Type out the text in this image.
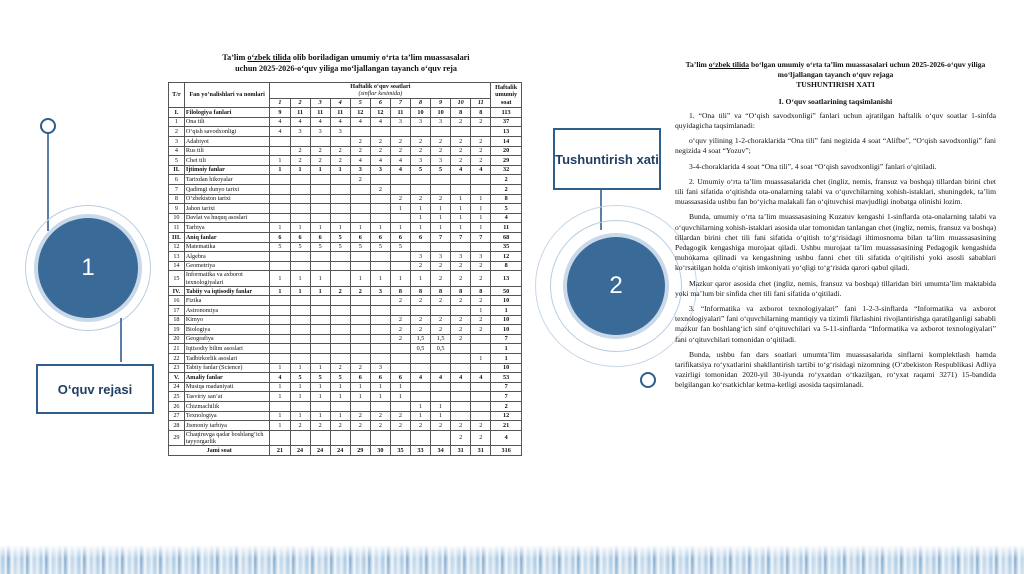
1
O‘quv rejasi
Tushuntirish xati
2
Ta’lim o‘zbek tilida olib boriladigan umumiy o‘rta ta’lim muassasalari
uchun 2025-2026-o‘quv yiliga mo‘ljallangan tayanch o‘quv reja
T/r	Fan yo‘nalishlari va nomlari	Haftalik o‘quv soatlari
(sinflar kesimida)											Haftalik umumiy soat
		1	2	3	4	5	6	7	8	9	10	11	

I.	Filologiya fanlari	9	11	11	11	12	12	11	10	10	8	8	113
1	Ona tili	4	4	4	4	4	4	3	3	3	2	2	37
2	O‘qish savodxonligi	4	3	3	3								13
3	Adabiyot					2	2	2	2	2	2	2	14
4	Rus tili		2	2	2	2	2	2	2	2	2	2	20
5	Chet tili	1	2	2	2	4	4	4	3	3	2	2	29
II.	Ijtimoiy fanlar	1	1	1	1	3	3	4	5	5	4	4	32
6	Tarixdan hikoyalar					2							2
7	Qadimgi dunyo tarixi						2						2
8	O‘zbekiston tarixi							2	2	2	1	1	8
9	Jahon tarixi							1	1	1	1	1	5
10	Davlat va huquq asoslari								1	1	1	1	4
11	Tarbiya	1	1	1	1	1	1	1	1	1	1	1	11
III.	Aniq fanlar	6	6	6	5	6	6	6	6	7	7	7	68
12	Matematika	5	5	5	5	5	5	5					35
13	Algebra								3	3	3	3	12
14	Geometriya								2	2	2	2	8
15	Informatika va axborot texnologiyalari	1	1	1		1	1	1	1	2	2	2	13
IV.	Tabiiy va iqtisodiy fanlar	1	1	1	2	2	3	8	8	8	8	8	50
16	Fizika							2	2	2	2	2	10
17	Astronomiya											1	1
18	Kimyo							2	2	2	2	2	10
19	Biologiya							2	2	2	2	2	10
20	Geografiya							2	1,5	1,5	2		7
21	Iqtisodiy bilim asoslari								0,5	0,5			1
22	Tadbirkorlik asoslari											1	1
23	Tabiiy fanlar (Science)	1	1	1	2	2	3						10
V.	Amaliy fanlar	4	5	5	5	6	6	6	4	4	4	4	53
24	Musiqa madaniyati	1	1	1	1	1	1	1					7
25	Tasviriy san’at	1	1	1	1	1	1	1					7
26	Chizmachilik								1	1			2
27	Texnologiya	1	1	1	1	2	2	2	1	1			12
28	Jismoniy tarbiya	1	2	2	2	2	2	2	2	2	2	2	21
29	Chaqiruvga qadar boshlang‘ich tayyorgarlik										2	2	4
Jami soat		21	24	24	24	29	30	35	33	34	31	31	316
Ta’lim o‘zbek tilida bo‘lgan umumiy o‘rta ta’lim muassasalari uchun 2025-2026-o‘quv yiliga mo‘ljallangan tayanch o‘quv rejaga
TUSHUNTIRISH XATI
I. O‘quv soatlarining taqsimlanishi

1. “Ona tili” va “O‘qish savodxonligi” fanlari uchun ajratilgan haftalik o‘quv soatlar 1-sinfda quyidagicha taqsimlanadi:

o‘quv yilining 1-2-choraklarida “Ona tili” fani negizida 4 soat “Alifbe”, “O‘qish savodxonligi” fani negizida 4 soat “Yozuv”;

3-4-choraklarida 4 soat “Ona tili”, 4 soat “O‘qish savodxonligi” fanlari o‘qitiladi.

2. Umumiy o‘rta ta’lim muassasalarida chet (ingliz, nemis, fransuz va boshqa) tillardan birini chet tili fani sifatida o‘qitishda ota-onalarning talabi va o‘quvchilarning xohish-istaklari, shuningdek, ta’lim muassasasida ushbu fan bo‘yicha malakali fan o‘qituvchisi mavjudligi inobatga olinishi lozim.

Bunda, umumiy o‘rta ta’lim muassasasining Kuzatuv kengashi 1-sinflarda ota-onalarning talabi va o‘quvchilarning xohish-istaklari asosida ular tomonidan tanlangan chet (ingliz, nemis, fransuz va boshqa) tillardan birini chet tili fani sifatida o‘qitish to‘g‘risidagi iltimosnoma bilan ta’lim muassasasining Pedagogik kengashiga murojaat qiladi. Ushbu murojaat ta’lim muassasasining Pedagogik kengashida muhokama qilinadi va kengashning ushbu fanni chet tili sifatida o‘qitilishi yoki asosli sabablari ko‘rsatilgan holda o‘qitish imkoniyati yo‘qligi to‘g‘risida qarori qabul qiladi.

Mazkur qaror asosida chet (ingliz, nemis, fransuz va boshqa) tillaridan biri umumta’lim maktabida yoki ma’lum bir sinfida chet tili fani sifatida o‘qitiladi.

3. “Informatika va axborot texnologiyalari” fani 1-2-3-sinflarda “Informatika va axborot texnologiyalari” fani o‘quvchilarning mantiqiy va tizimli fikrlashini rivojlantirishga qaratilganligi sababli mazkur fan boshlang‘ich sinf o‘qituvchilari va 5-11-sinflarda “Informatika va axborot texnologiyalari” fani o‘qituvchilari tomonidan o‘qitiladi.

Bunda, ushbu fan dars soatlari umumta’lim muassasalarida sinflarni komplektlash hamda tarifikatsiya ro‘yxatlarini shakllantirish tartibi to‘g‘risidagi nizomning (O‘zbekiston Respublikasi Adliya vazirligi tomonidan 2020-yil 30-iyunda ro‘yxatdan o‘tkazilgan, ro‘yxat raqami 3271) 15-bandida belgilangan ko‘rsatkichlar ketma-ketligi asosida taqsimlanadi.
